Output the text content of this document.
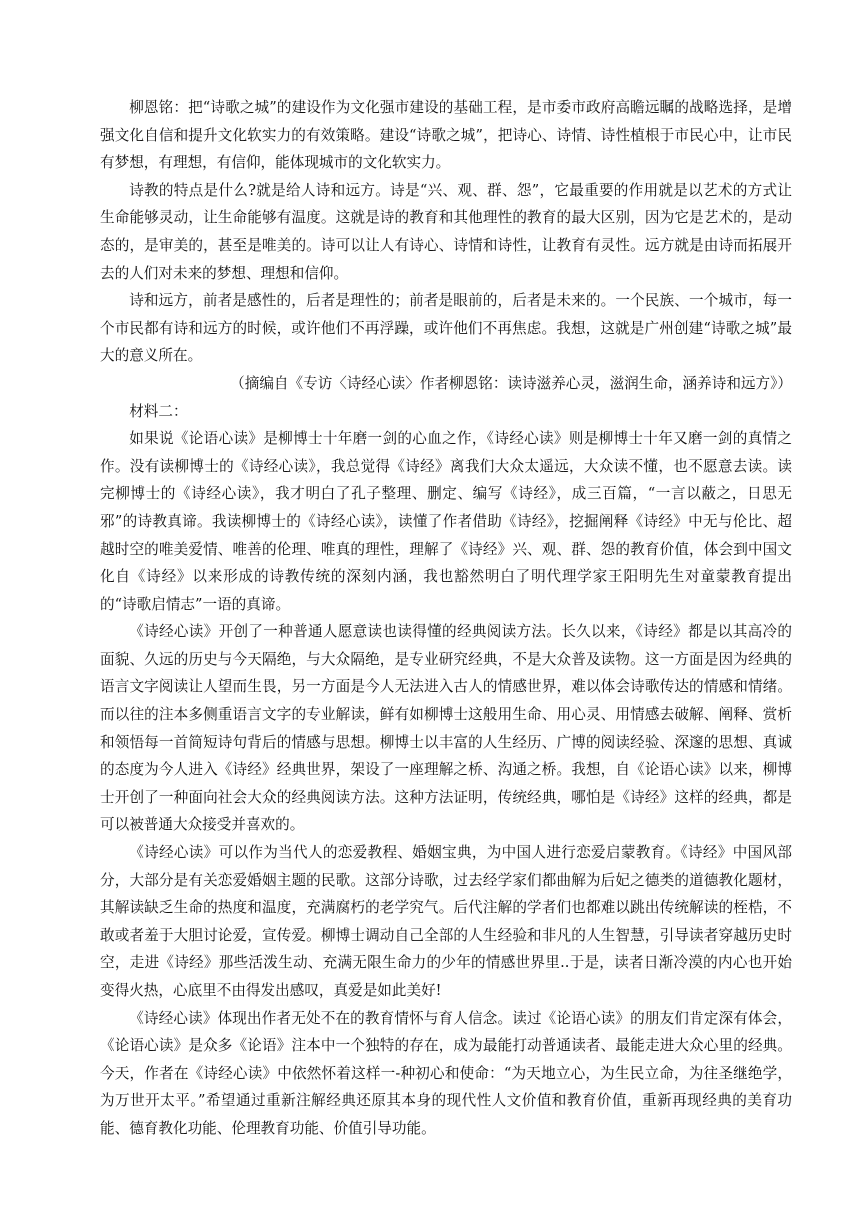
柳恩铭：把“诗歌之城”的建设作为文化强市建设的基础工程，是市委市政府高瞻远瞩的战略选择，是增强文化自信和提升文化软实力的有效策略。建设“诗歌之城”，把诗心、诗情、诗性植根于市民心中，让市民有梦想，有理想，有信仰，能体现城市的文化软实力。

诗教的特点是什么?就是给人诗和远方。诗是“兴、观、群、怨”，它最重要的作用就是以艺术的方式让生命能够灵动，让生命能够有温度。这就是诗的教育和其他理性的教育的最大区别，因为它是艺术的，是动态的，是审美的，甚至是唯美的。诗可以让人有诗心、诗情和诗性，让教育有灵性。远方就是由诗而拓展开去的人们对未来的梦想、理想和信仰。

诗和远方，前者是感性的，后者是理性的；前者是眼前的，后者是未来的。一个民族、一个城市，每一个市民都有诗和远方的时候，或许他们不再浮躁，或许他们不再焦虑。我想，这就是广州创建“诗歌之城”最大的意义所在。

（摘编自《专访〈诗经心读〉作者柳恩铭：读诗滋养心灵，滋润生命，涵养诗和远方》）

材料二：

如果说《论语心读》是柳博士十年磨一剑的心血之作，《诗经心读》则是柳博士十年又磨一剑的真情之作。没有读柳博士的《诗经心读》，我总觉得《诗经》离我们大众太遥远，大众读不懂，也不愿意去读。读完柳博士的《诗经心读》，我才明白了孔子整理、删定、编写《诗经》，成三百篇，“一言以蔽之，日思无邪”的诗教真谛。我读柳博士的《诗经心读》，读懂了作者借助《诗经》，挖掘阐释《诗经》中无与伦比、超越时空的唯美爱情、唯善的伦理、唯真的理性，理解了《诗经》兴、观、群、怨的教育价值，体会到中国文化自《诗经》以来形成的诗教传统的深刻内涵，我也豁然明白了明代理学家王阳明先生对童蒙教育提出的“诗歌启情志”一语的真谛。

《诗经心读》开创了一种普通人愿意读也读得懂的经典阅读方法。长久以来，《诗经》都是以其高冷的面貌、久远的历史与今天隔绝，与大众隔绝，是专业研究经典，不是大众普及读物。这一方面是因为经典的语言文字阅读让人望而生畏，另一方面是今人无法进入古人的情感世界，难以体会诗歌传达的情感和情绪。而以往的注本多侧重语言文字的专业解读，鲜有如柳博士这般用生命、用心灵、用情感去破解、阐释、赏析和领悟每一首简短诗句背后的情感与思想。柳博士以丰富的人生经历、广博的阅读经验、深邃的思想、真诚的态度为今人进入《诗经》经典世界，架设了一座理解之桥、沟通之桥。我想，自《论语心读》以来，柳博士开创了一种面向社会大众的经典阅读方法。这种方法证明，传统经典，哪怕是《诗经》这样的经典，都是可以被普通大众接受并喜欢的。

《诗经心读》可以作为当代人的恋爱教程、婚姻宝典，为中国人进行恋爱启蒙教育。《诗经》中国风部分，大部分是有关恋爱婚姻主题的民歌。这部分诗歌，过去经学家们都曲解为后妃之德类的道德教化题材，其解读缺乏生命的热度和温度，充满腐朽的老学究气。后代注解的学者们也都难以跳出传统解读的桎梏，不敢或者羞于大胆讨论爱，宣传爱。柳博士调动自己全部的人生经验和非凡的人生智慧，引导读者穿越历史时空，走进《诗经》那些活泼生动、充满无限生命力的少年的情感世界里..于是，读者日渐冷漠的内心也开始变得火热，心底里不由得发出感叹，真爱是如此美好!

《诗经心读》体现出作者无处不在的教育情怀与育人信念。读过《论语心读》的朋友们肯定深有体会，《论语心读》是众多《论语》注本中一个独特的存在，成为最能打动普通读者、最能走进大众心里的经典。今天，作者在《诗经心读》中依然怀着这样一-种初心和使命：“为天地立心，为生民立命，为往圣继绝学，为万世开太平。”希望通过重新注解经典还原其本身的现代性人文价值和教育价值，重新再现经典的美育功能、德育教化功能、伦理教育功能、价值引导功能。
